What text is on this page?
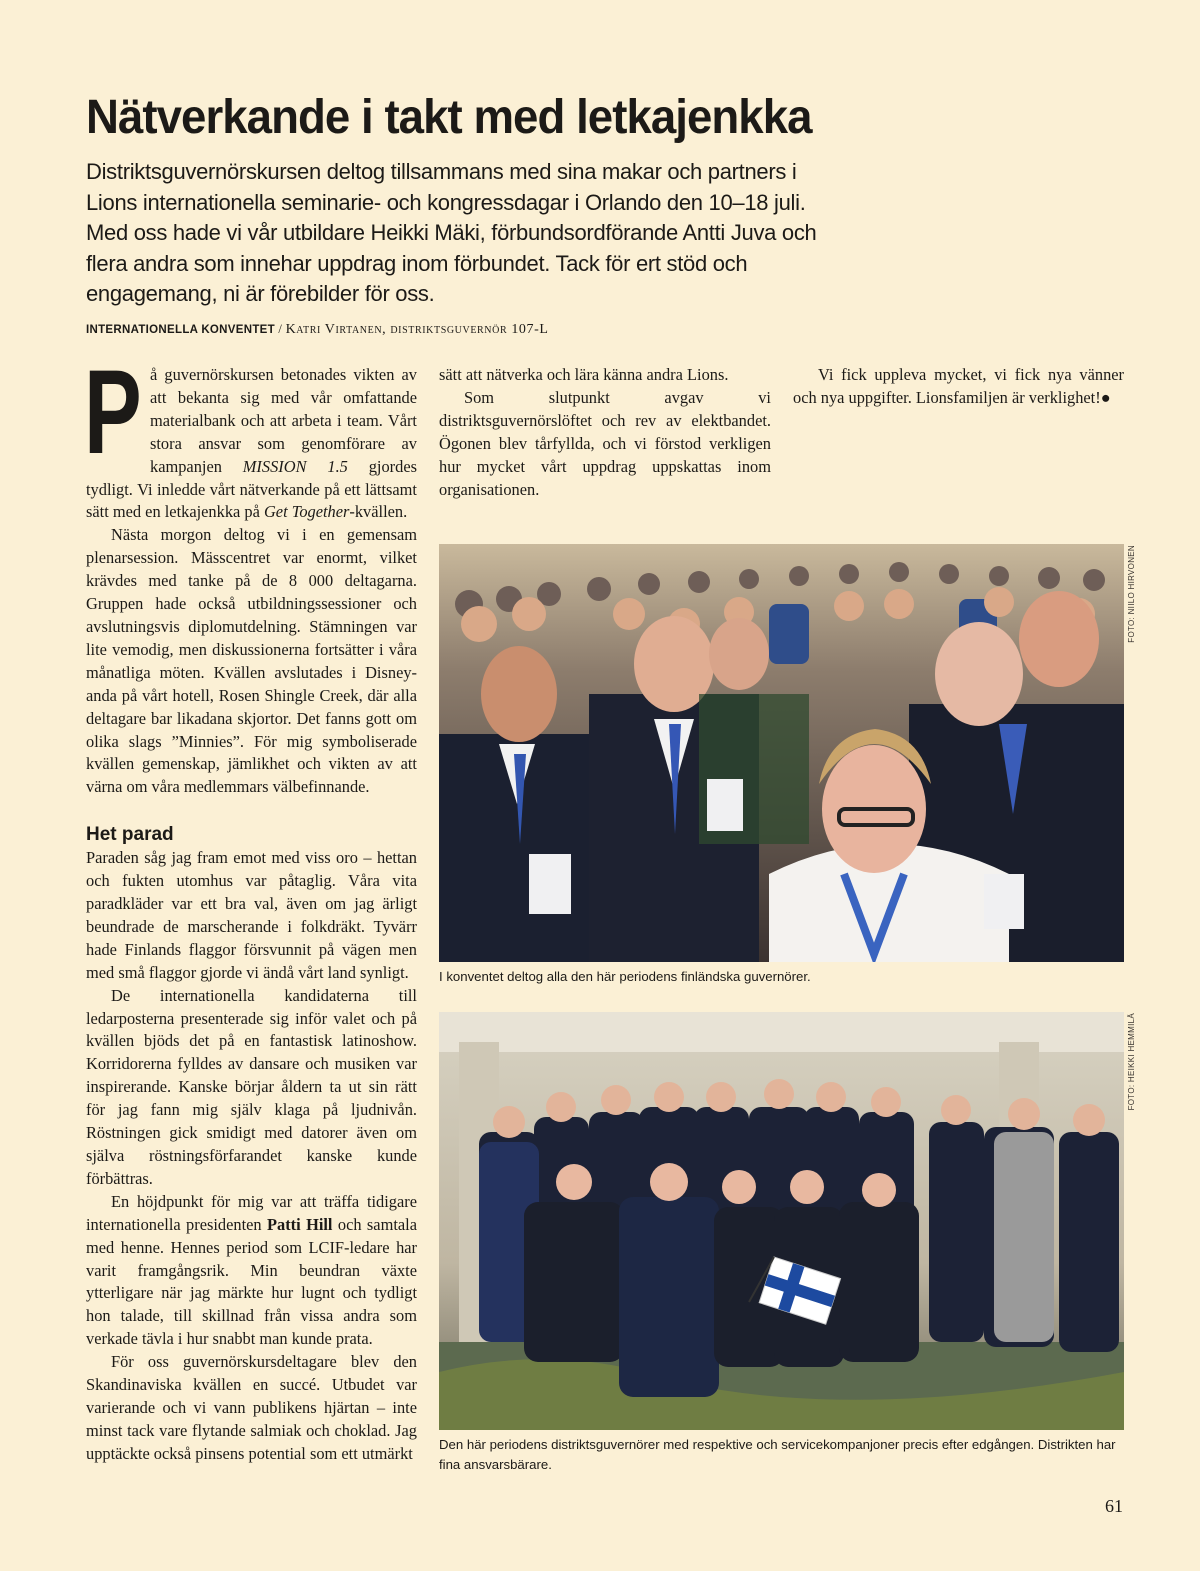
Nätverkande i takt med letkajenkka

Distriktsguvernörskursen deltog tillsammans med sina makar och partners i Lions internationella seminarie- och kongressdagar i Orlando den 10–18 juli. Med oss hade vi vår utbildare Heikki Mäki, förbundsordförande Antti Juva och flera andra som innehar uppdrag inom förbundet. Tack för ert stöd och engagemang, ni är förebilder för oss.

INTERNATIONELLA KONVENTET / Katri Virtanen, distriktsguvernör 107-L

På guvernörskursen betonades vikten av att bekanta sig med vår omfattande materialbank och att arbeta i team. Vårt stora ansvar som genomförare av kampanjen MISSION 1.5 gjordes tydligt. Vi inledde vårt nätverkande på ett lättsamt sätt med en letkajenkka på Get Together-kvällen.

Nästa morgon deltog vi i en gemensam plenarsession. Mässcentret var enormt, vilket krävdes med tanke på de 8 000 deltagarna. Gruppen hade också utbildningssessioner och avslutningsvis diplomutdelning. Stämningen var lite vemodig, men diskussionerna fortsätter i våra månatliga möten. Kvällen avslutades i Disney-anda på vårt hotell, Rosen Shingle Creek, där alla deltagare bar likadana skjortor. Det fanns gott om olika slags ”Minnies”. För mig symboliserade kvällen gemenskap, jämlikhet och vikten av att värna om våra medlemmars välbefinnande.

Het parad

Paraden såg jag fram emot med viss oro – hettan och fukten utomhus var påtaglig. Våra vita paradkläder var ett bra val, även om jag ärligt beundrade de marscherande i folkdräkt. Tyvärr hade Finlands flaggor försvunnit på vägen men med små flaggor gjorde vi ändå vårt land synligt.

De internationella kandidaterna till ledarposterna presenterade sig inför valet och på kvällen bjöds det på en fantastisk latinoshow. Korridorerna fylldes av dansare och musiken var inspirerande. Kanske börjar åldern ta ut sin rätt för jag fann mig själv klaga på ljudnivån. Röstningen gick smidigt med datorer även om själva röstningsförfarandet kanske kunde förbättras.

En höjdpunkt för mig var att träffa tidigare internationella presidenten Patti Hill och samtala med henne. Hennes period som LCIF-ledare har varit framgångsrik. Min beundran växte ytterligare när jag märkte hur lugnt och tydligt hon talade, till skillnad från vissa andra som verkade tävla i hur snabbt man kunde prata.

För oss guvernörskursdeltagare blev den Skandinaviska kvällen en succé. Utbudet var varierande och vi vann publikens hjärtan – inte minst tack vare flytande salmiak och choklad. Jag upptäckte också pinsens potential som ett utmärkt

sätt att nätverka och lära känna andra Lions.

Som slutpunkt avgav vi distriktsguvernörslöftet och rev av elektbandet. Ögonen blev tårfyllda, och vi förstod verkligen hur mycket vårt uppdrag uppskattas inom organisationen.

Vi fick uppleva mycket, vi fick nya vänner och nya uppgifter. Lionsfamiljen är verklighet!●

I konventet deltog alla den här periodens finländska guvernörer.

FOTO: NIILO HIRVONEN

Den här periodens distriktsguvernörer med respektive och servicekompanjoner precis efter edgången. Distrikten har fina ansvarsbärare.

FOTO: HEIKKI HEMMILÄ
61
